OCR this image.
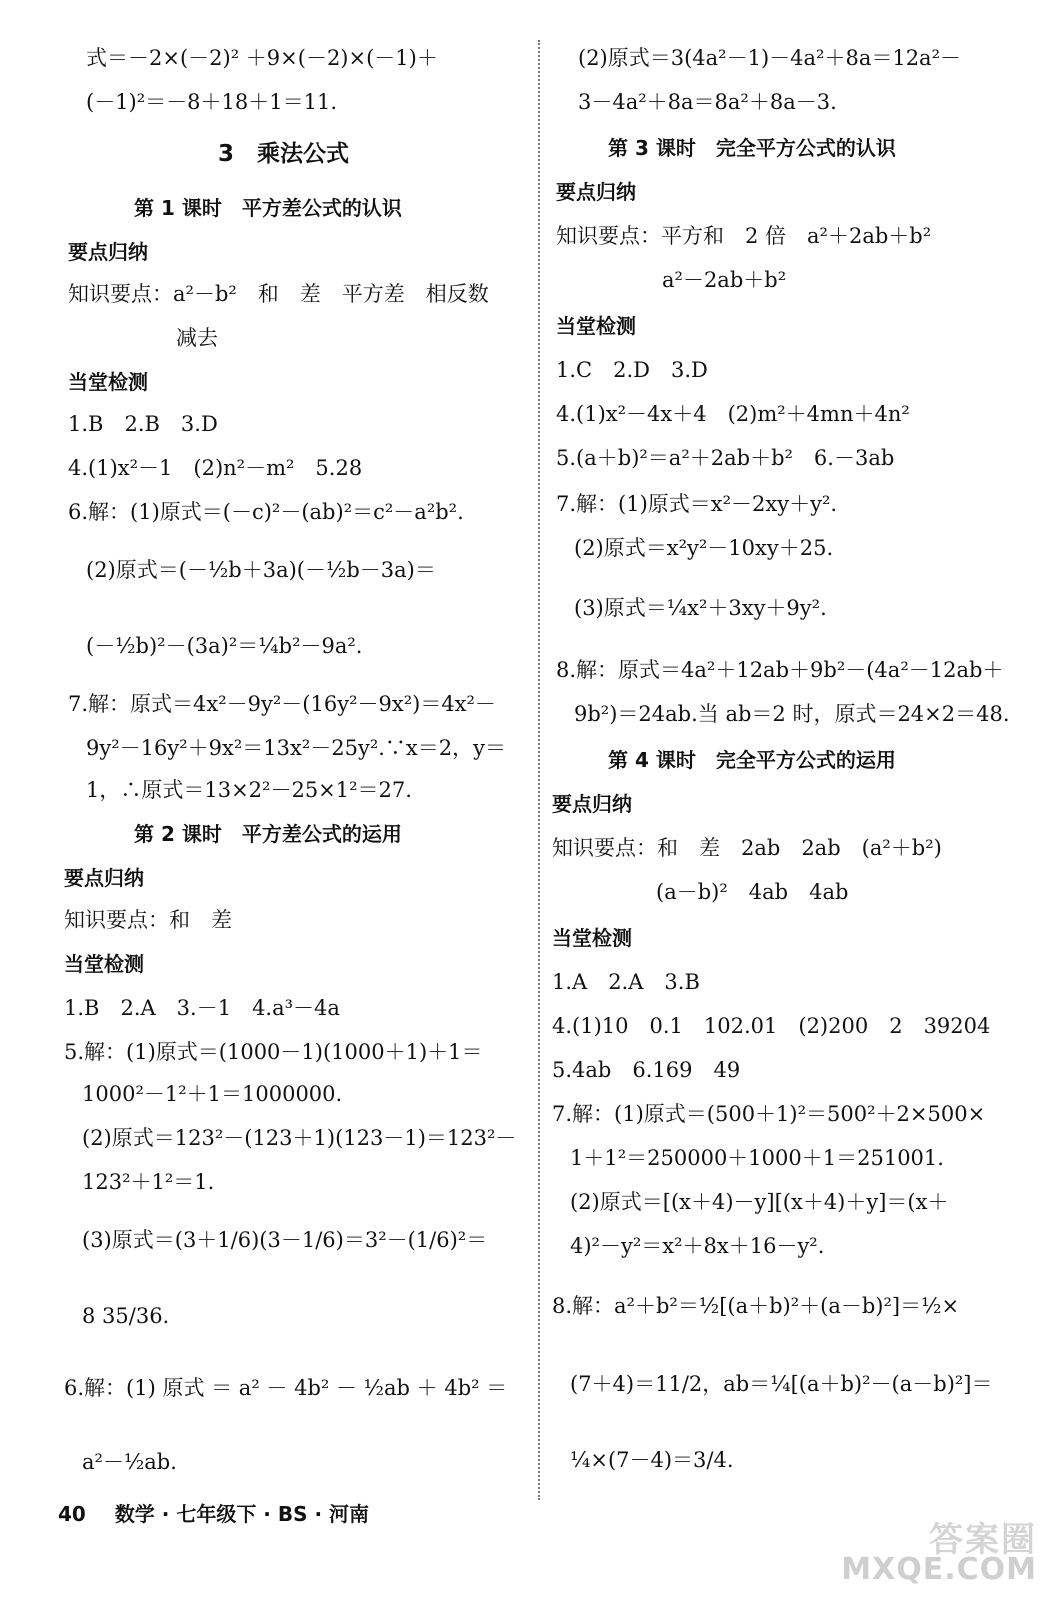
式＝－2×(－2)² ＋9×(－2)×(－1)＋
(－1)²＝－8＋18＋1＝11.
3　乘法公式
第 1 课时　平方差公式的认识
要点归纳
知识要点：a²－b²　和　差　平方差　相反数
减去
当堂检测
1.B　2.B　3.D
4.(1)x²－1　(2)n²－m²　5.28
6.解：(1)原式＝(－c)²－(ab)²＝c²－a²b².
(2)原式＝(－½b＋3a)(－½b－3a)＝
(－½b)²－(3a)²＝¼b²－9a².
7.解：原式＝4x²－9y²－(16y²－9x²)＝4x²－
9y²－16y²＋9x²＝13x²－25y².∵x＝2，y＝
1，∴原式＝13×2²－25×1²＝27.
第 2 课时　平方差公式的运用
要点归纳
知识要点：和　差
当堂检测
1.B　2.A　3.－1　4.a³－4a
5.解：(1)原式＝(1000－1)(1000＋1)＋1＝
1000²－1²＋1＝1000000.
(2)原式＝123²－(123＋1)(123－1)＝123²－
123²＋1²＝1.
(3)原式＝(3＋1/6)(3－1/6)＝3²－(1/6)²＝
8 35/36.
6.解：(1) 原式 ＝ a² － 4b² － ½ab ＋ 4b² ＝
a²－½ab.
(2)原式＝3(4a²－1)－4a²＋8a＝12a²－
3－4a²＋8a＝8a²＋8a－3.
第 3 课时　完全平方公式的认识
要点归纳
知识要点：平方和　2 倍　a²＋2ab＋b²
a²－2ab＋b²
当堂检测
1.C　2.D　3.D
4.(1)x²－4x＋4　(2)m²＋4mn＋4n²
5.(a＋b)²＝a²＋2ab＋b²　6.－3ab
7.解：(1)原式＝x²－2xy＋y².
(2)原式＝x²y²－10xy＋25.
(3)原式＝¼x²＋3xy＋9y².
8.解：原式＝4a²＋12ab＋9b²－(4a²－12ab＋
9b²)＝24ab.当 ab＝2 时，原式＝24×2＝48.
第 4 课时　完全平方公式的运用
要点归纳
知识要点：和　差　2ab　2ab　(a²＋b²)
(a－b)²　4ab　4ab
当堂检测
1.A　2.A　3.B
4.(1)10　0.1　102.01　(2)200　2　39204
5.4ab　6.169　49
7.解：(1)原式＝(500＋1)²＝500²＋2×500×
1＋1²＝250000＋1000＋1＝251001.
(2)原式＝[(x＋4)－y][(x＋4)＋y]＝(x＋
4)²－y²＝x²＋8x＋16－y².
8.解：a²＋b²＝½[(a＋b)²＋(a－b)²]＝½×
(7＋4)＝11/2，ab＝¼[(a＋b)²－(a－b)²]＝
¼×(7－4)＝3/4.
40 数学 · 七年级下 · BS · 河南
答案圈
MXQE.COM
